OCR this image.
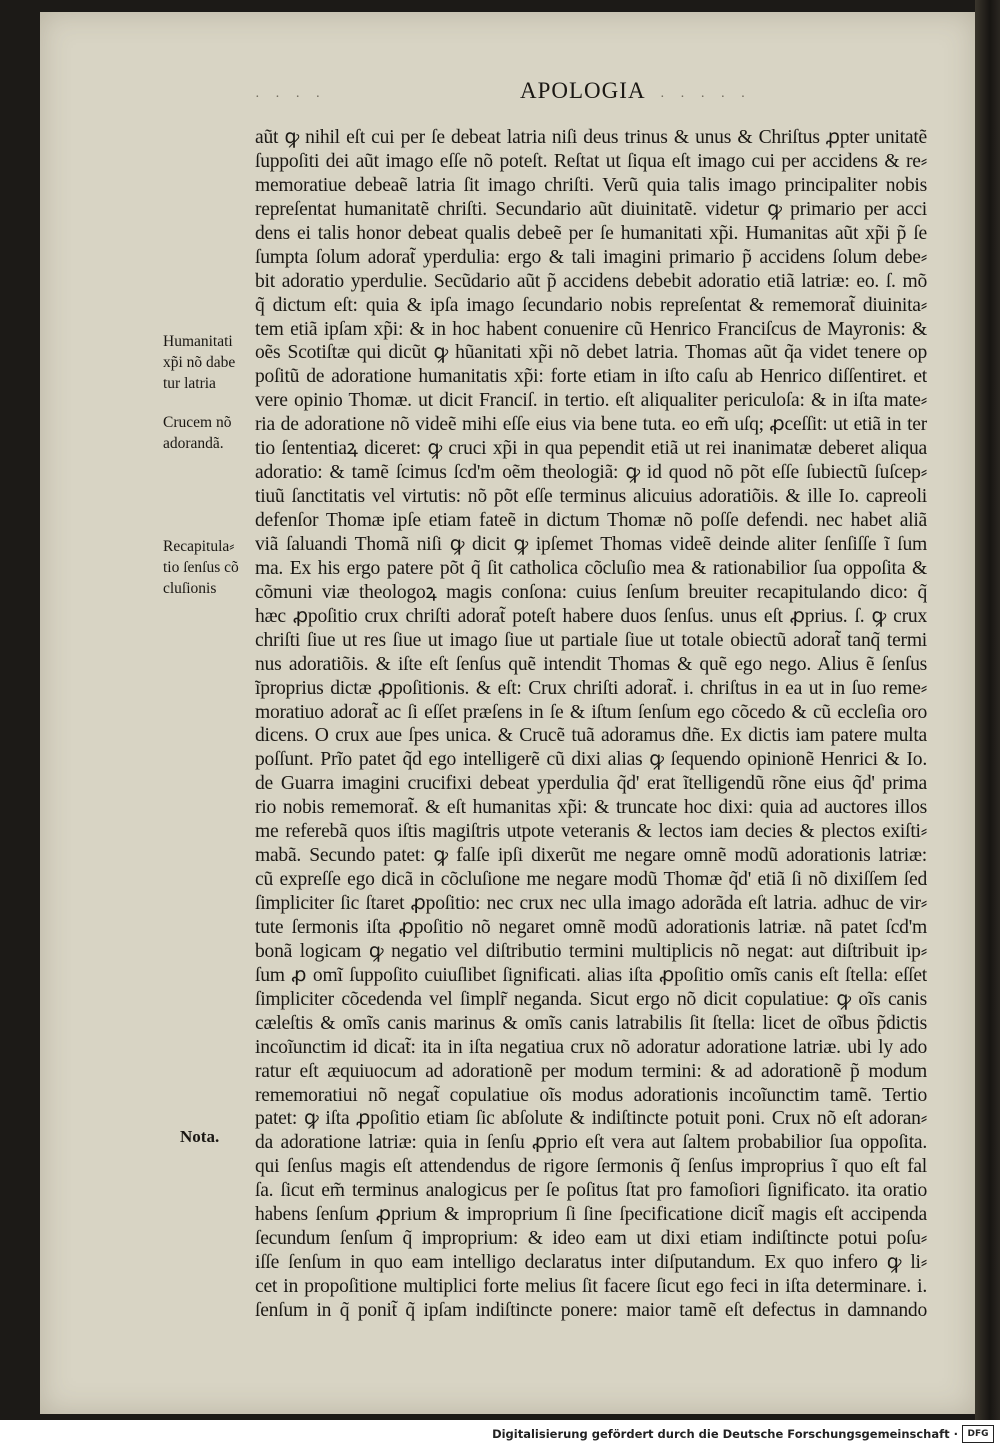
· · · ·	APOLOGIA · · · · ·
aũt ꝙ nihil eſt cui per ſe debeat latria niſi deus trinus & unus & Chriſtus ꝓpter unitatẽ
ſuppoſiti dei aũt imago eſſe nõ poteſt. Reſtat ut ſiqua eſt imago cui per accidens & re⸗
memoratiue debeaẽ latria ſit imago chriſti. Verũ quia talis imago principaliter nobis
repreſentat humanitatẽ chriſti. Secundario aũt diuinitatẽ. videtur ꝙ primario per acci
dens ei talis honor debeat qualis debeẽ per ſe humanitati xp̃i. Humanitas aũt xp̃i p̃ ſe
ſumpta ſolum adorat̃ yperdulia: ergo & tali imagini primario p̃ accidens ſolum debe⸗
bit adoratio yperdulie. Secũdario aũt p̃ accidens debebit adoratio etiã latriæ: eo. ſ. mõ
q̃ dictum eſt: quia & ipſa imago ſecundario nobis repreſentat & rememorat̃ diuinita⸗
tem etiã ipſam xp̃i: & in hoc habent conuenire cũ Henrico Franciſcus de Mayronis: &
oẽs Scotiſtæ qui dicũt ꝙ hũanitati xp̃i nõ debet latria. Thomas aũt q̃a videt tenere op
poſitũ de adoratione humanitatis xp̃i: forte etiam in iſto caſu ab Henrico diſſentiret. et
vere opinio Thomæ. ut dicit Franciſ. in tertio. eſt aliqualiter periculoſa: & in iſta mate⸗
ria de adoratione nõ videẽ mihi eſſe eius via bene tuta. eo em̃ uſq; ꝓceſſit: ut etiã in ter
tio ſententiaꝝ diceret: ꝙ cruci xp̃i in qua pependit etiã ut rei inanimatæ deberet aliqua
adoratio: & tamẽ ſcimus ſcd'm oẽm theologiã: ꝙ id quod nõ põt eſſe ſubiectũ ſuſcep⸗
tiuũ ſanctitatis vel virtutis: nõ põt eſſe terminus alicuius adoratiõis. & ille Io. capreoli
defenſor Thomæ ipſe etiam fateẽ in dictum Thomæ nõ poſſe defendi. nec habet aliã
viã ſaluandi Thomã niſi ꝙ dicit ꝙ ipſemet Thomas videẽ deinde aliter ſenſiſſe ĩ ſum
ma. Ex his ergo patere põt q̃ ſit catholica cõcluſio mea & rationabilior ſua oppoſita &
cõmuni viæ theologoꝝ magis conſona: cuius ſenſum breuiter recapitulando dico: q̃
hæc ꝓpoſitio crux chriſti adorat̃ poteſt habere duos ſenſus. unus eſt ꝓprius. ſ. ꝙ crux
chriſti ſiue ut res ſiue ut imago ſiue ut partiale ſiue ut totale obiectũ adorat̃ tanq̃ termi
nus adoratiõis. & iſte eſt ſenſus quẽ intendit Thomas & quẽ ego nego. Alius ẽ ſenſus
ĩproprius dictæ ꝓpoſitionis. & eſt: Crux chriſti adorat̃. i. chriſtus in ea ut in ſuo reme⸗
moratiuo adorat̃ ac ſi eſſet præſens in ſe & iſtum ſenſum ego cõcedo & cũ eccleſia oro
dicens. O crux aue ſpes unica. & Crucẽ tuã adoramus dñe. Ex dictis iam patere multa
poſſunt. Prĩo patet q̃d ego intelligerẽ cũ dixi alias ꝙ ſequendo opinionẽ Henrici & Io.
de Guarra imagini crucifixi debeat yperdulia q̃d' erat ĩtelligendũ rõne eius q̃d' prima
rio nobis rememorat̃. & eſt humanitas xp̃i: & truncate hoc dixi: quia ad auctores illos
me referebã quos iſtis magiſtris utpote veteranis & lectos iam decies & plectos exiſti⸗
mabã. Secundo patet: ꝙ falſe ipſi dixerũt me negare omnẽ modũ adorationis latriæ:
cũ expreſſe ego dicã in cõcluſione me negare modũ Thomæ q̃d' etiã ſi nõ dixiſſem ſed
ſimpliciter ſic ſtaret ꝓpoſitio: nec crux nec ulla imago adorãda eſt latria. adhuc de vir⸗
tute ſermonis iſta ꝓpoſitio nõ negaret omnẽ modũ adorationis latriæ. nã patet ſcd'm
bonã logicam ꝙ negatio vel diſtributio termini multiplicis nõ negat: aut diſtribuit ip⸗
ſum ꝓ omĩ ſuppoſito cuiuſlibet ſignificati. alias iſta ꝓpoſitio omĩs canis eſt ſtella: eſſet
ſimpliciter cõcedenda vel ſimplr̃ neganda. Sicut ergo nõ dicit copulatiue: ꝙ oĩs canis
cæleſtis & omĩs canis marinus & omĩs canis latrabilis ſit ſtella: licet de oĩbus p̃dictis
incoĩunctim id dicat̃: ita in iſta negatiua crux nõ adoratur adoratione latriæ. ubi ly ado
ratur eſt æquiuocum ad adorationẽ per modum termini: & ad adorationẽ p̃ modum
rememoratiui nõ negat̃ copulatiue oĩs modus adorationis incoĩunctim tamẽ. Tertio
patet: ꝙ iſta ꝓpoſitio etiam ſic abſolute & indiſtincte potuit poni. Crux nõ eſt adoran⸗
da adoratione latriæ: quia in ſenſu ꝓprio eſt vera aut ſaltem probabilior ſua oppoſita.
qui ſenſus magis eſt attendendus de rigore ſermonis q̃ ſenſus improprius ĩ quo eſt fal
ſa. ſicut em̃ terminus analogicus per ſe poſitus ſtat pro famoſiori ſignificato. ita oratio
habens ſenſum ꝓprium & improprium ſi ſine ſpecificatione dicit̃ magis eſt accipenda
ſecundum ſenſum q̃ improprium: & ideo eam ut dixi etiam indiſtincte potui poſu⸗
iſſe ſenſum in quo eam intelligo declaratus inter diſputandum. Ex quo infero ꝙ li⸗
cet in propoſitione multiplici forte melius ſit facere ſicut ego feci in iſta determinare. i.
ſenſum in q̃ ponit̃ q̃ ipſam indiſtincte ponere: maior tamẽ eſt defectus in damnando
Humanitati
xp̃i nõ dabe
tur latria
Crucem nõ
adorandã.
Recapitula⸗
tio ſenſus cõ
cluſionis
Nota.
Digitalisierung gefördert durch die Deutsche Forschungsgemeinschaft ·	DFG
